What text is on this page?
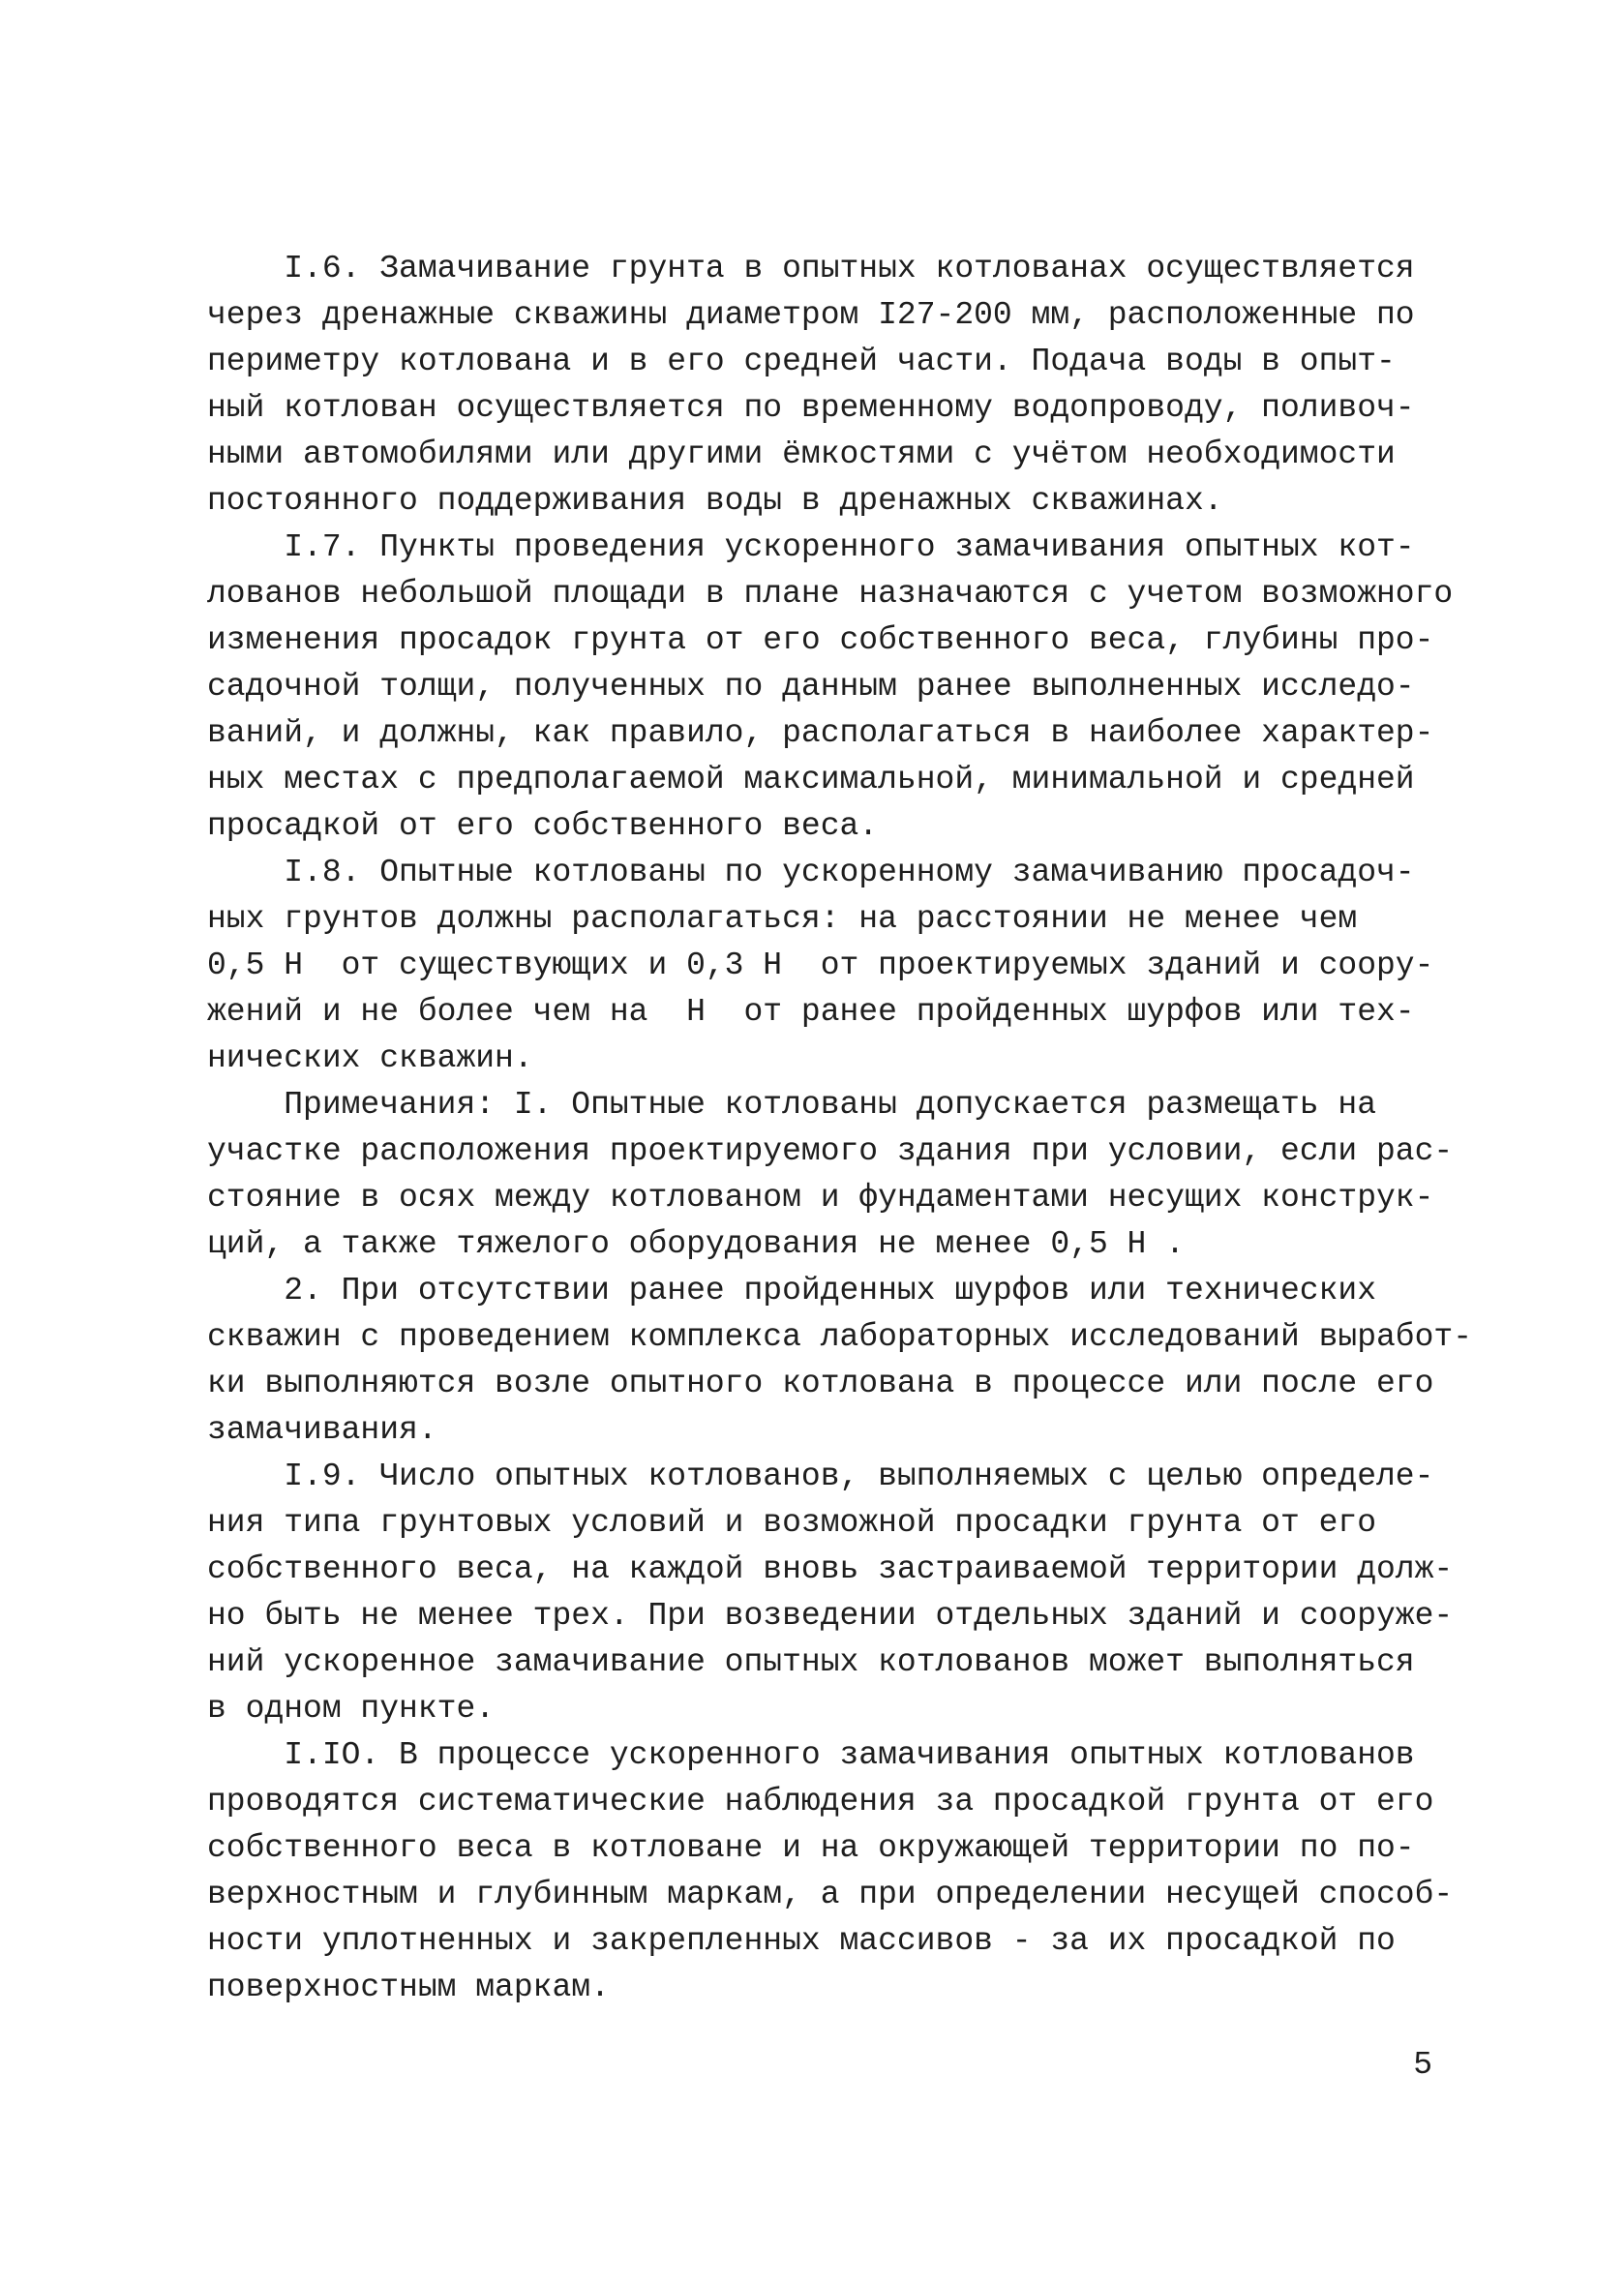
I.6. Замачивание грунта в опытных котлованах осуществляется
через дренажные скважины диаметром I27-200 мм, расположенные по
периметру котлована и в его средней части. Подача воды в опыт-
ный котлован осуществляется по временному водопроводу, поливоч-
ными автомобилями или другими ёмкостями с учётом необходимости
постоянного поддерживания воды в дренажных скважинах.
I.7. Пункты проведения ускоренного замачивания опытных кот-
лованов небольшой площади в плане назначаются с учетом возможного
изменения просадок грунта от его собственного веса, глубины про-
садочной толщи, полученных по данным ранее выполненных исследо-
ваний, и должны, как правило, располагаться в наиболее характер-
ных местах с предполагаемой максимальной, минимальной и средней
просадкой от его собственного веса.
I.8. Опытные котлованы по ускоренному замачиванию просадоч-
ных грунтов должны располагаться: на расстоянии не менее чем
0,5 H  от существующих и 0,3 H  от проектируемых зданий и соору-
жений и не более чем на  H  от ранее пройденных шурфов или тех-
нических скважин.
Примечания: I. Опытные котлованы допускается размещать на
участке расположения проектируемого здания при условии, если рас-
стояние в осях между котлованом и фундаментами несущих конструк-
ций, а также тяжелого оборудования не менее 0,5 H .
2. При отсутствии ранее пройденных шурфов или технических
скважин с проведением комплекса лабораторных исследований выработ-
ки выполняются возле опытного котлована в процессе или после его
замачивания.
I.9. Число опытных котлованов, выполняемых с целью определе-
ния типа грунтовых условий и возможной просадки грунта от его
собственного веса, на каждой вновь застраиваемой территории долж-
но быть не менее трех. При возведении отдельных зданий и сооруже-
ний ускоренное замачивание опытных котлованов может выполняться
в одном пункте.
I.IO. В процессе ускоренного замачивания опытных котлованов
проводятся систематические наблюдения за просадкой грунта от его
собственного веса в котловане и на окружающей территории по по-
верхностным и глубинным маркам, а при определении несущей способ-
ности уплотненных и закрепленных массивов - за их просадкой по
поверхностным маркам.
5
